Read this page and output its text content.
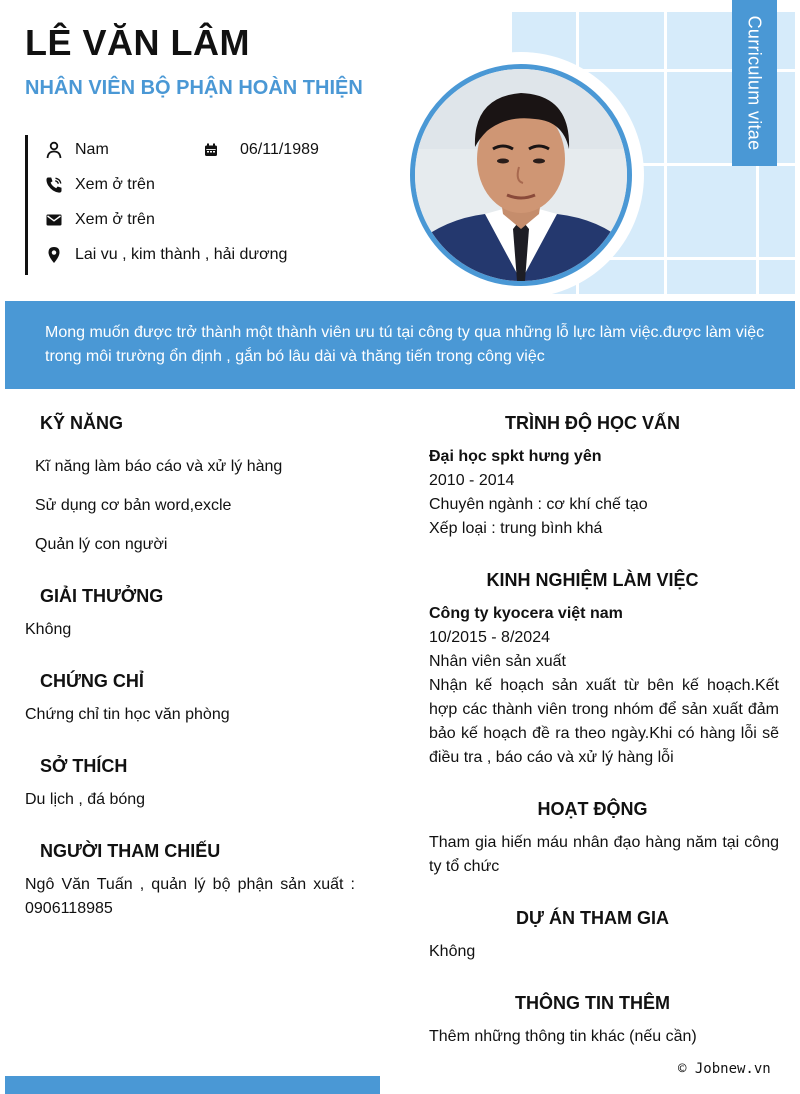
Curriculum vitae
LÊ VĂN LÂM
NHÂN VIÊN BỘ PHẬN HOÀN THIỆN
Nam	06/11/1989
Xem ở trên
Xem ở trên
Lai vu , kim thành , hải dương

Mong muốn được trở thành một thành viên ưu tú tại công ty qua những lỗ lực làm việc.được làm việc trong môi trường ổn định , gắn bó lâu dài và thăng tiến trong công việc

KỸ NĂNG
Kĩ năng làm báo cáo và xử lý hàng
Sử dụng cơ bản word,excle
Quản lý con người
GIẢI THƯỞNG
Không
CHỨNG CHỈ
Chứng chỉ tin học văn phòng
SỞ THÍCH
Du lịch , đá bóng
NGƯỜI THAM CHIẾU
Ngô Văn Tuấn , quản lý bộ phận sản xuất : 0906118985
TRÌNH ĐỘ HỌC VẤN
Đại học spkt hưng yên
2010 - 2014
Chuyên ngành : cơ khí chế tạo
Xếp loại : trung bình khá
KINH NGHIỆM LÀM VIỆC
Công ty kyocera việt nam
10/2015 - 8/2024
Nhân viên sản xuất
Nhận kế hoạch sản xuất từ bên kế hoạch.Kết hợp các thành viên trong nhóm để sản xuất đảm bảo kế hoạch đề ra theo ngày.Khi có hàng lỗi sẽ điều tra , báo cáo và xử lý hàng lỗi
HOẠT ĐỘNG
Tham gia hiến máu nhân đạo hàng năm tại công ty tổ chức
DỰ ÁN THAM GIA
Không
THÔNG TIN THÊM
Thêm những thông tin khác (nếu cần)
© Jobnew.vn
